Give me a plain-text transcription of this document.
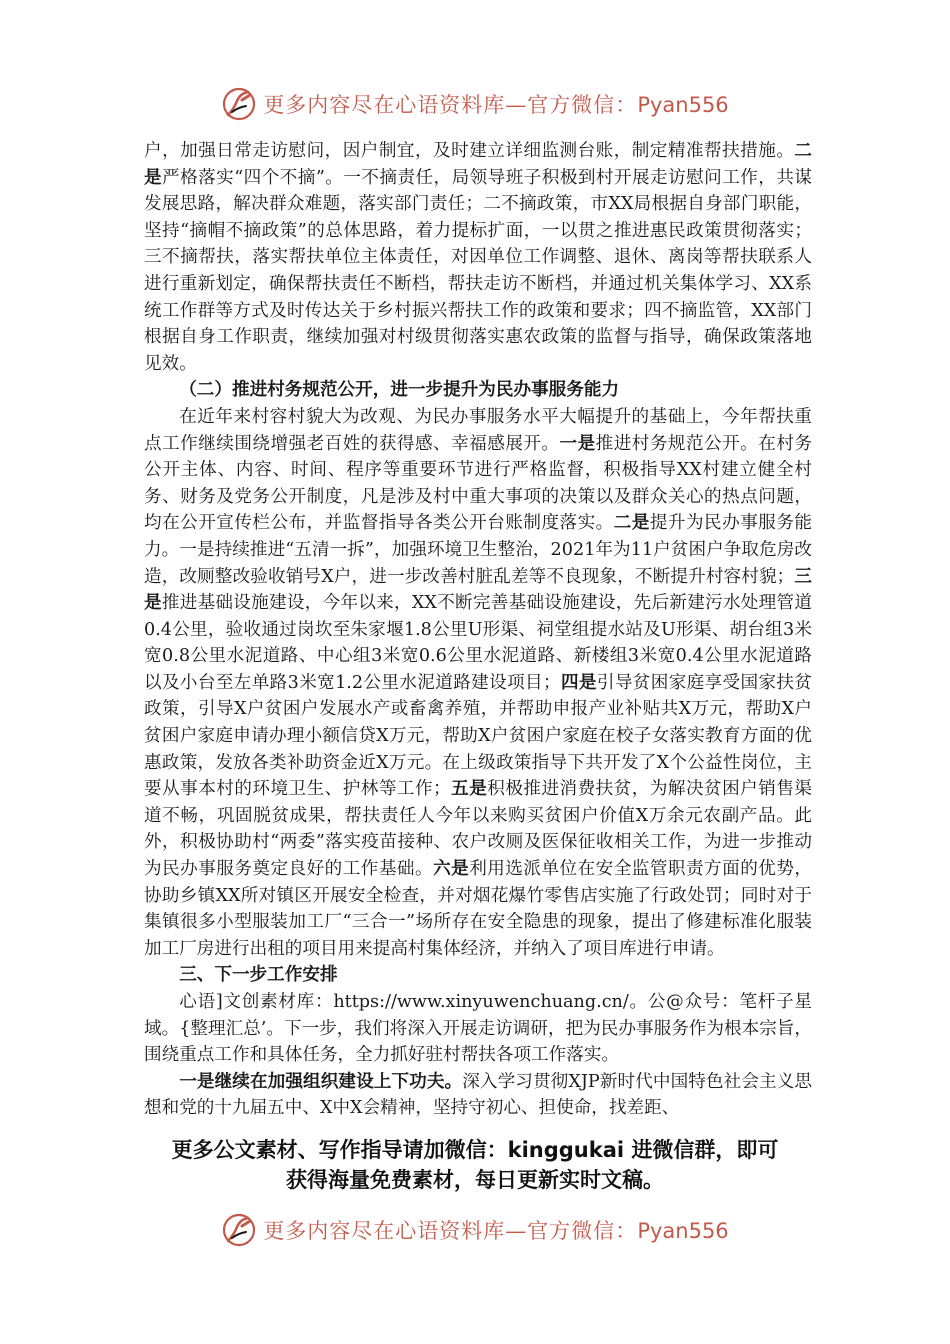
更多内容尽在心语资料库—官方微信：Pyan556

户，加强日常走访慰问，因户制宜，及时建立详细监测台账，制定精准帮扶措施。二是严格落实“四个不摘”。一不摘责任，局领导班子积极到村开展走访慰问工作，共谋发展思路，解决群众难题，落实部门责任；二不摘政策，市XX局根据自身部门职能，坚持“摘帽不摘政策”的总体思路，着力提标扩面，一以贯之推进惠民政策贯彻落实；三不摘帮扶，落实帮扶单位主体责任，对因单位工作调整、退休、离岗等帮扶联系人进行重新划定，确保帮扶责任不断档，帮扶走访不断档，并通过机关集体学习、XX系统工作群等方式及时传达关于乡村振兴帮扶工作的政策和要求；四不摘监管，XX部门根据自身工作职责，继续加强对村级贯彻落实惠农政策的监督与指导，确保政策落地见效。

（二）推进村务规范公开，进一步提升为民办事服务能力

在近年来村容村貌大为改观、为民办事服务水平大幅提升的基础上，今年帮扶重点工作继续围绕增强老百姓的获得感、幸福感展开。一是推进村务规范公开。在村务公开主体、内容、时间、程序等重要环节进行严格监督，积极指导XX村建立健全村务、财务及党务公开制度，凡是涉及村中重大事项的决策以及群众关心的热点问题，均在公开宣传栏公布，并监督指导各类公开台账制度落实。二是提升为民办事服务能力。一是持续推进“五清一拆”，加强环境卫生整治，2021年为11户贫困户争取危房改造，改厕整改验收销号X户，进一步改善村脏乱差等不良现象，不断提升村容村貌；三是推进基础设施建设，今年以来，XX不断完善基础设施建设，先后新建污水处理管道0.4公里，验收通过岗坎至朱家堰1.8公里U形渠、祠堂组提水站及U形渠、胡台组3米宽0.8公里水泥道路、中心组3米宽0.6公里水泥道路、新楼组3米宽0.4公里水泥道路以及小台至左单路3米宽1.2公里水泥道路建设项目；四是引导贫困家庭享受国家扶贫政策，引导X户贫困户发展水产或畜禽养殖，并帮助申报产业补贴共X万元，帮助X户贫困户家庭申请办理小额信贷X万元，帮助X户贫困户家庭在校子女落实教育方面的优惠政策，发放各类补助资金近X万元。在上级政策指导下共开发了X个公益性岗位，主要从事本村的环境卫生、护林等工作；五是积极推进消费扶贫，为解决贫困户销售渠道不畅，巩固脱贫成果，帮扶责任人今年以来购买贫困户价值X万余元农副产品。此外，积极协助村“两委”落实疫苗接种、农户改厕及医保征收相关工作，为进一步推动为民办事服务奠定良好的工作基础。六是利用选派单位在安全监管职责方面的优势，协助乡镇XX所对镇区开展安全检查，并对烟花爆竹零售店实施了行政处罚；同时对于集镇很多小型服装加工厂“三合一”场所存在安全隐患的现象，提出了修建标准化服装加工厂房进行出租的项目用来提高村集体经济，并纳入了项目库进行申请。

三、下一步工作安排

心语]文创素材库：https://www.xinyuwenchuang.cn/。公@众号：笔杆子星域。{整理汇总’。下一步，我们将深入开展走访调研，把为民办事服务作为根本宗旨，围绕重点工作和具体任务，全力抓好驻村帮扶各项工作落实。

一是继续在加强组织建设上下功夫。深入学习贯彻XJP新时代中国特色社会主义思想和党的十九届五中、X中X会精神，坚持守初心、担使命，找差距、

更多公文素材、写作指导请加微信：kinggukai 进微信群，即可
获得海量免费素材，每日更新实时文稿。
更多内容尽在心语资料库—官方微信：Pyan556
